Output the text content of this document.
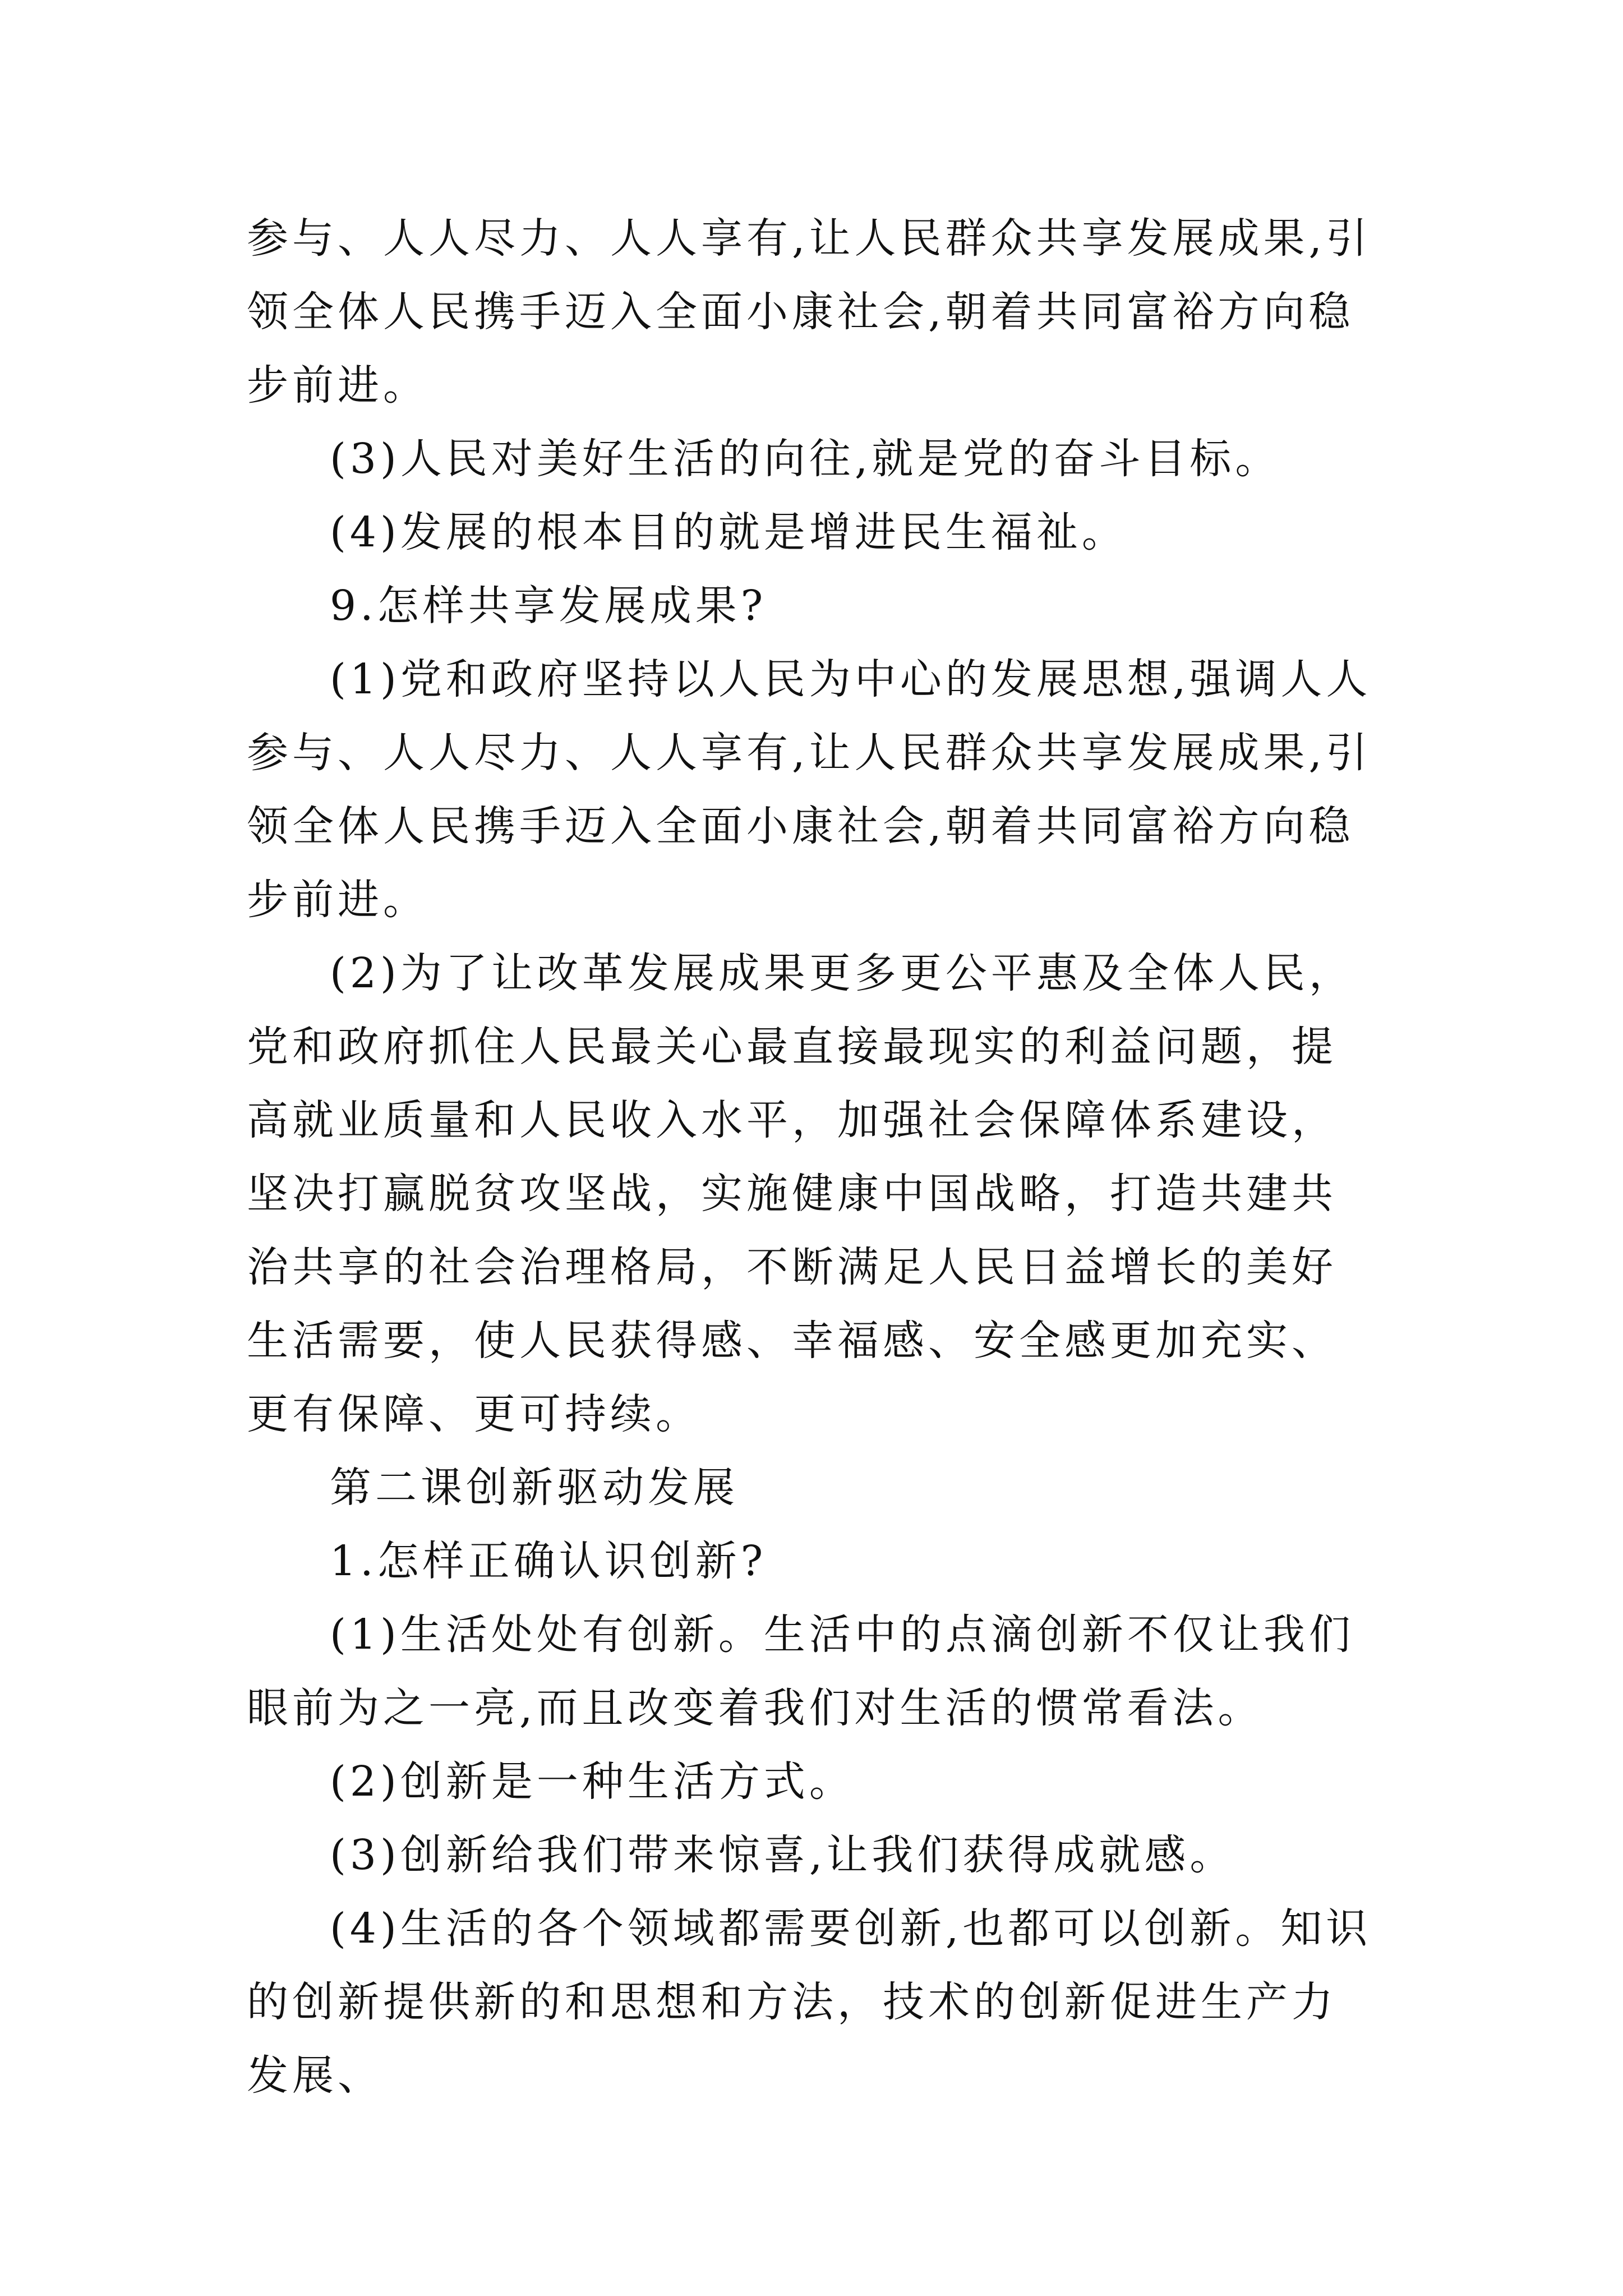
参与、人人尽力、人人享有,让人民群众共享发展成果,引领全体人民携手迈入全面小康社会,朝着共同富裕方向稳步前进。

(3)人民对美好生活的向往,就是党的奋斗目标。

(4)发展的根本目的就是增进民生福祉。

9.怎样共享发展成果?

(1)党和政府坚持以人民为中心的发展思想,强调人人参与、人人尽力、人人享有,让人民群众共享发展成果,引领全体人民携手迈入全面小康社会,朝着共同富裕方向稳步前进。

(2)为了让改革发展成果更多更公平惠及全体人民，党和政府抓住人民最关心最直接最现实的利益问题，提高就业质量和人民收入水平，加强社会保障体系建设，坚决打赢脱贫攻坚战，实施健康中国战略，打造共建共治共享的社会治理格局，不断满足人民日益增长的美好生活需要，使人民获得感、幸福感、安全感更加充实、更有保障、更可持续。

第二课创新驱动发展

1.怎样正确认识创新?

(1)生活处处有创新。生活中的点滴创新不仅让我们眼前为之一亮,而且改变着我们对生活的惯常看法。

(2)创新是一种生活方式。

(3)创新给我们带来惊喜,让我们获得成就感。

(4)生活的各个领域都需要创新,也都可以创新。知识的创新提供新的和思想和方法，技术的创新促进生产力发展、
